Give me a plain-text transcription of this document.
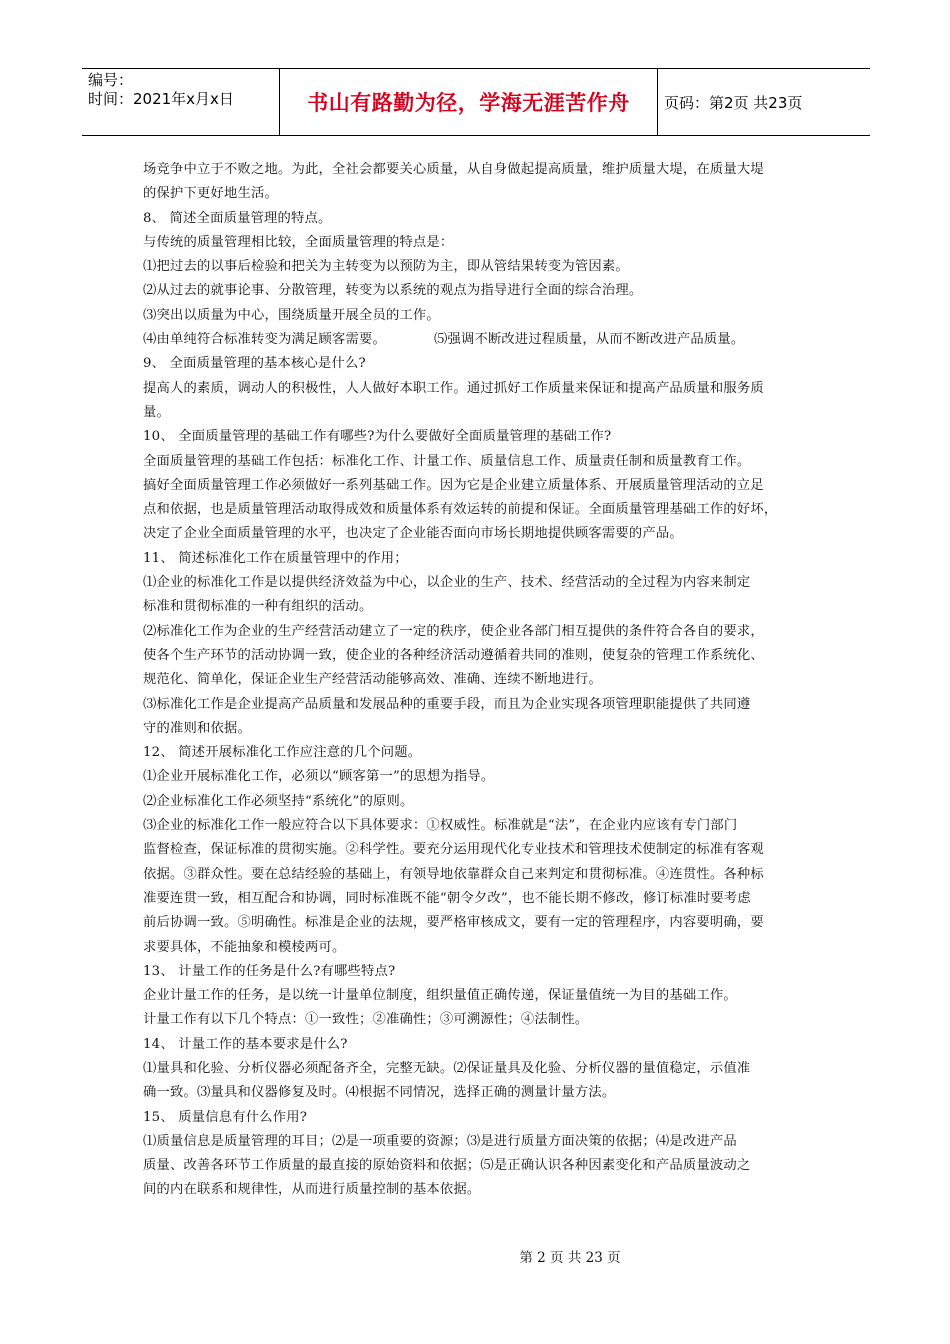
编号：
时间：2021年x月x日	书山有路勤为径，学海无涯苦作舟 页码：第2页 共23页
场竞争中立于不败之地。为此，全社会都要关心质量，从自身做起提高质量，维护质量大堤，在质量大堤
的保护下更好地生活。
8、 简述全面质量管理的特点。
与传统的质量管理相比较，全面质量管理的特点是：
⑴把过去的以事后检验和把关为主转变为以预防为主，即从管结果转变为管因素。
⑵从过去的就事论事、分散管理，转变为以系统的观点为指导进行全面的综合治理。
⑶突出以质量为中心，围绕质量开展全员的工作。
⑷由单纯符合标准转变为满足顾客需要。	⑸强调不断改进过程质量，从而不断改进产品质量。
9、 全面质量管理的基本核心是什么?
提高人的素质，调动人的积极性，人人做好本职工作。通过抓好工作质量来保证和提高产品质量和服务质
量。
10、 全面质量管理的基础工作有哪些?为什么要做好全面质量管理的基础工作?
全面质量管理的基础工作包括：标准化工作、计量工作、质量信息工作、质量责任制和质量教育工作。
搞好全面质量管理工作必须做好一系列基础工作。因为它是企业建立质量体系、开展质量管理活动的立足
点和依据，也是质量管理活动取得成效和质量体系有效运转的前提和保证。全面质量管理基础工作的好坏，
决定了企业全面质量管理的水平，也决定了企业能否面向市场长期地提供顾客需要的产品。
11、 简述标准化工作在质量管理中的作用；
⑴企业的标准化工作是以提供经济效益为中心，以企业的生产、技术、经营活动的全过程为内容来制定
标准和贯彻标准的一种有组织的活动。
⑵标准化工作为企业的生产经营活动建立了一定的秩序，使企业各部门相互提供的条件符合各自的要求，
使各个生产环节的活动协调一致，使企业的各种经济活动遵循着共同的准则，使复杂的管理工作系统化、
规范化、简单化，保证企业生产经营活动能够高效、准确、连续不断地进行。
⑶标准化工作是企业提高产品质量和发展品种的重要手段，而且为企业实现各项管理职能提供了共同遵
守的准则和依据。
12、 简述开展标准化工作应注意的几个问题。
⑴企业开展标准化工作，必须以“顾客第一”的思想为指导。
⑵企业标准化工作必须坚持“系统化”的原则。
⑶企业的标准化工作一般应符合以下具体要求：①权威性。标准就是“法”，在企业内应该有专门部门
监督检查，保证标准的贯彻实施。②科学性。要充分运用现代化专业技术和管理技术使制定的标准有客观
依据。③群众性。要在总结经验的基础上，有领导地依靠群众自己来判定和贯彻标准。④连贯性。各种标
准要连贯一致，相互配合和协调，同时标准既不能“朝令夕改”，也不能长期不修改，修订标准时要考虑
前后协调一致。⑤明确性。标准是企业的法规，要严格审核成文，要有一定的管理程序，内容要明确，要
求要具体，不能抽象和模棱两可。
13、 计量工作的任务是什么?有哪些特点?
企业计量工作的任务，是以统一计量单位制度，组织量值正确传递，保证量值统一为目的基础工作。
计量工作有以下几个特点：①一致性；②准确性；③可溯源性；④法制性。
14、 计量工作的基本要求是什么?
⑴量具和化验、分析仪器必须配备齐全，完整无缺。⑵保证量具及化验、分析仪器的量值稳定，示值准
确一致。⑶量具和仪器修复及时。⑷根据不同情况，选择正确的测量计量方法。
15、 质量信息有什么作用?
⑴质量信息是质量管理的耳目；⑵是一项重要的资源；⑶是进行质量方面决策的依据；⑷是改进产品
质量、改善各环节工作质量的最直接的原始资料和依据；⑸是正确认识各种因素变化和产品质量波动之
间的内在联系和规律性，从而进行质量控制的基本依据。
第 2 页 共 23 页
